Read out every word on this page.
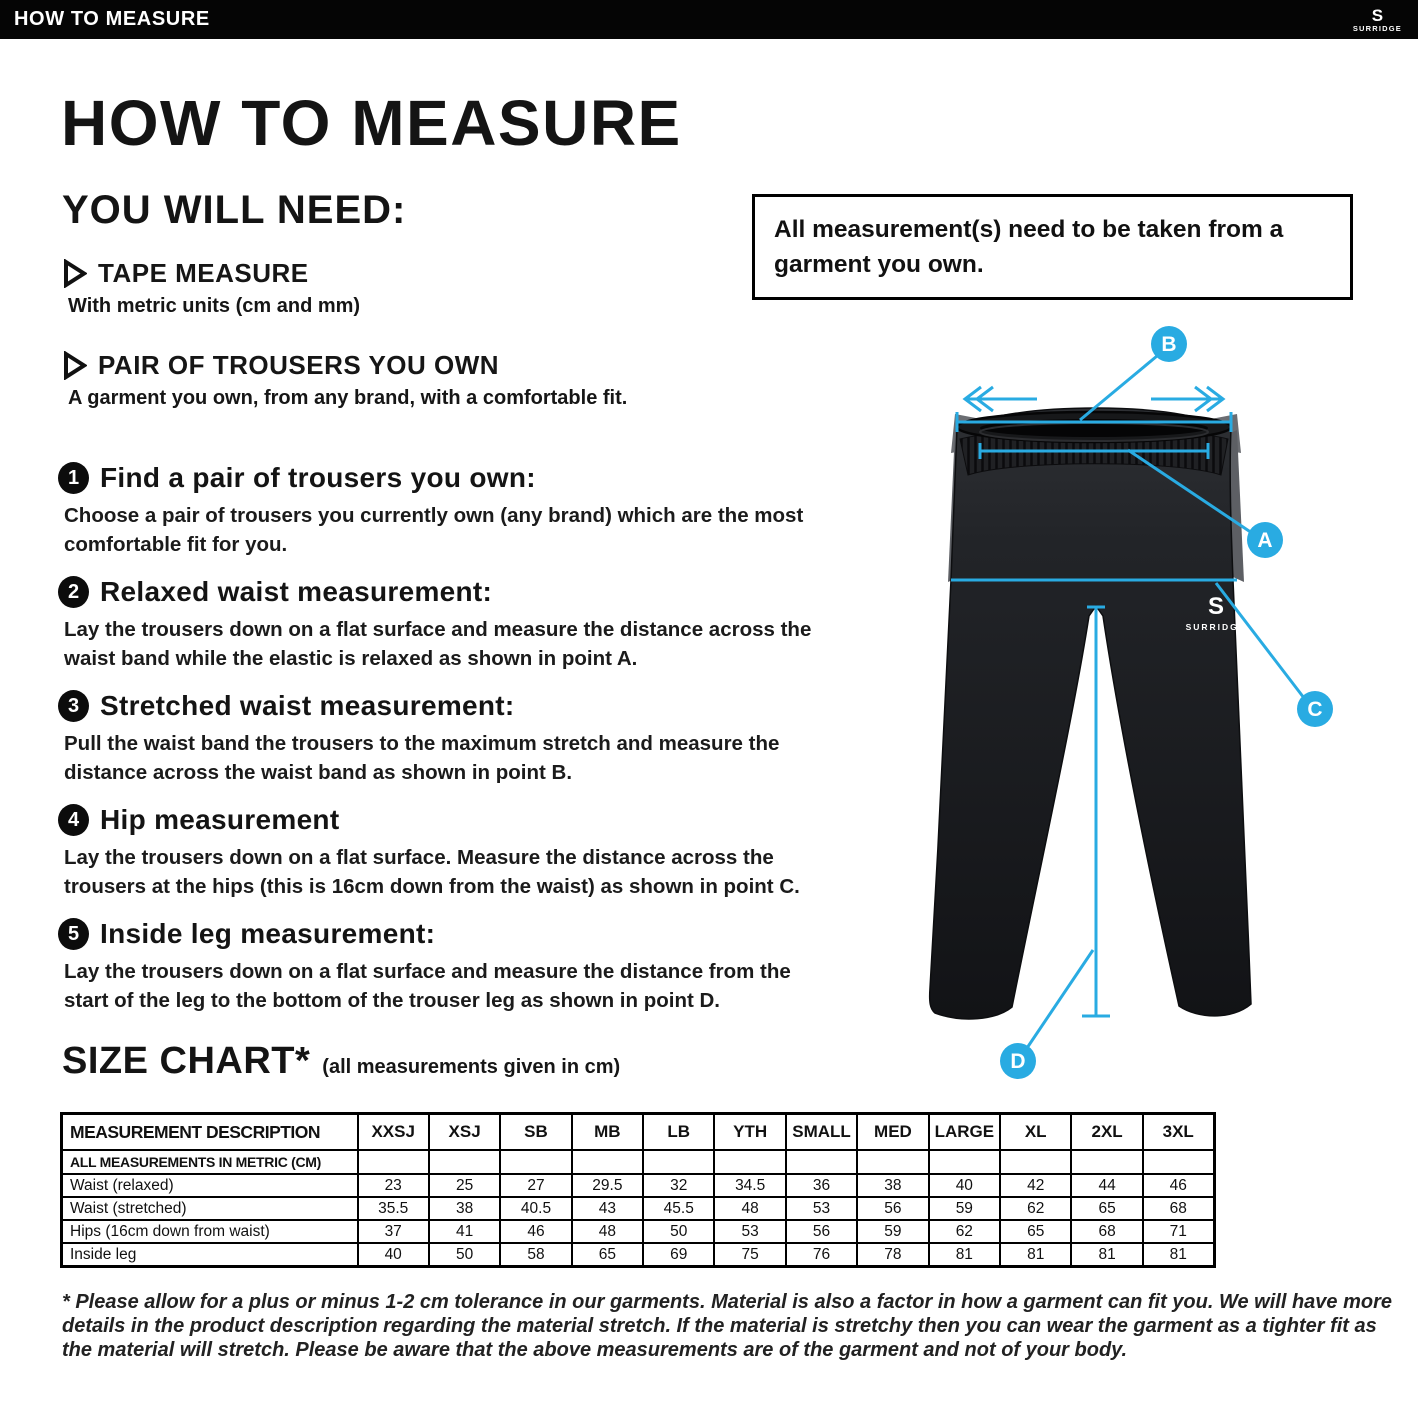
HOW TO MEASURE	S
SURRIDGE
HOW TO MEASURE
YOU WILL NEED:
TAPE MEASURE
With metric units (cm and mm)
PAIR OF TROUSERS YOU OWN
A garment you own, from any brand, with a comfortable fit.
All measurement(s) need to be taken from a garment you own.
1 Find a pair of trousers you own:
Choose a pair of trousers you currently own (any brand) which are the most comfortable fit for you.
2 Relaxed waist measurement:
Lay the trousers down on a flat surface and measure the distance across the waist band while the elastic is relaxed as shown in point A.
3 Stretched waist measurement:
Pull the waist band the trousers to the maximum stretch and measure the distance across the waist band as shown in point B.
4 Hip measurement
Lay the trousers down on a flat surface. Measure the distance across the trousers at the hips (this is 16cm down from the waist) as shown in point C.
5 Inside leg measurement:
Lay the trousers down on a flat surface and measure the distance from the start of the leg to the bottom of the trouser leg as shown in point D.
S
SURRIDGE
B
A
C
D
SIZE CHART* (all measurements given in cm)
MEASUREMENT DESCRIPTION	XXSJ	XSJ	SB	MB	LB	YTH	SMALL	MED	LARGE	XL	2XL	3XL
ALL MEASUREMENTS IN METRIC (CM)												
Waist (relaxed)	23	25	27	29.5	32	34.5	36	38	40	42	44	46
Waist (stretched)	35.5	38	40.5	43	45.5	48	53	56	59	62	65	68
Hips (16cm down from waist)	37	41	46	48	50	53	56	59	62	65	68	71
Inside leg	40	50	58	65	69	75	76	78	81	81	81	81
* Please allow for a plus or minus 1-2 cm tolerance in our garments. Material is also a factor in how a garment can fit you. We will have more details in the product description regarding the material stretch. If the material is stretchy then you can wear the garment as a tighter fit as the material will stretch. Please be aware that the above measurements are of the garment and not of your body.
